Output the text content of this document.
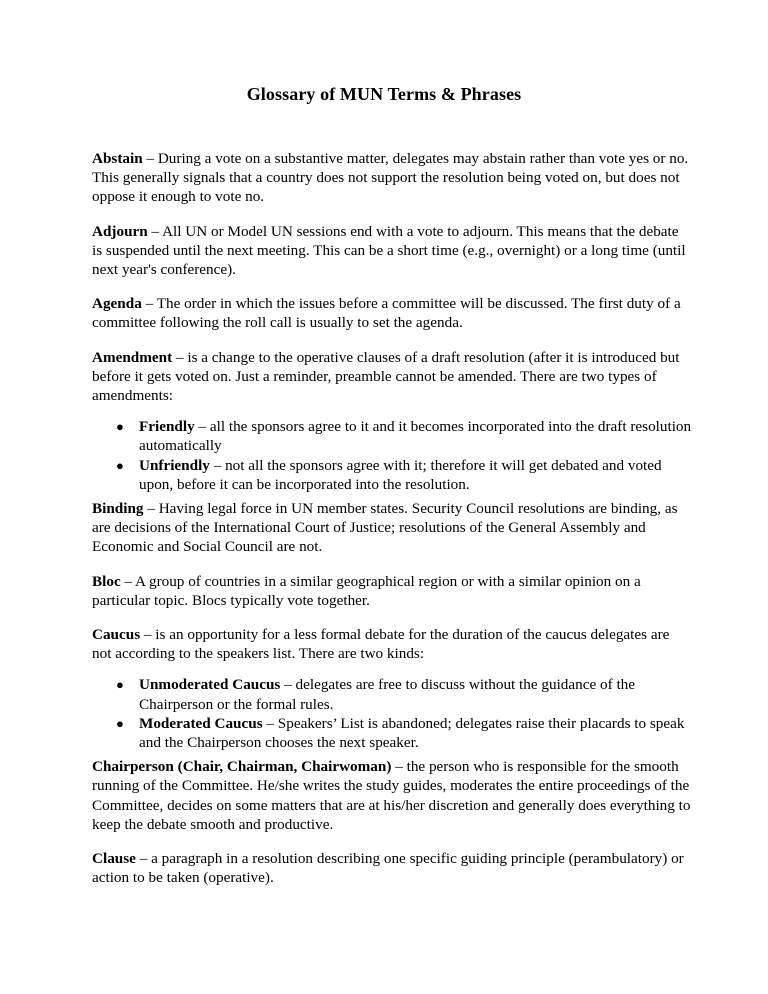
Glossary of MUN Terms & Phrases

Abstain – During a vote on a substantive matter, delegates may abstain rather than vote yes or no. This generally signals that a country does not support the resolution being voted on, but does not oppose it enough to vote no.

Adjourn – All UN or Model UN sessions end with a vote to adjourn. This means that the debate is suspended until the next meeting. This can be a short time (e.g., overnight) or a long time (until next year's conference).

Agenda – The order in which the issues before a committee will be discussed. The first duty of a committee following the roll call is usually to set the agenda.

Amendment – is a change to the operative clauses of a draft resolution (after it is introduced but before it gets voted on. Just a reminder, preamble cannot be amended. There are two types of amendments:

● Friendly – all the sponsors agree to it and it becomes incorporated into the draft resolution automatically
● Unfriendly – not all the sponsors agree with it; therefore it will get debated and voted upon, before it can be incorporated into the resolution.

Binding – Having legal force in UN member states. Security Council resolutions are binding, as are decisions of the International Court of Justice; resolutions of the General Assembly and Economic and Social Council are not.

Bloc – A group of countries in a similar geographical region or with a similar opinion on a particular topic. Blocs typically vote together.

Caucus – is an opportunity for a less formal debate for the duration of the caucus delegates are not according to the speakers list. There are two kinds:

● Unmoderated Caucus – delegates are free to discuss without the guidance of the Chairperson or the formal rules.
● Moderated Caucus – Speakers’ List is abandoned; delegates raise their placards to speak and the Chairperson chooses the next speaker.

Chairperson (Chair, Chairman, Chairwoman) – the person who is responsible for the smooth running of the Committee. He/she writes the study guides, moderates the entire proceedings of the Committee, decides on some matters that are at his/her discretion and generally does everything to keep the debate smooth and productive.

Clause – a paragraph in a resolution describing one specific guiding principle (perambulatory) or action to be taken (operative).
